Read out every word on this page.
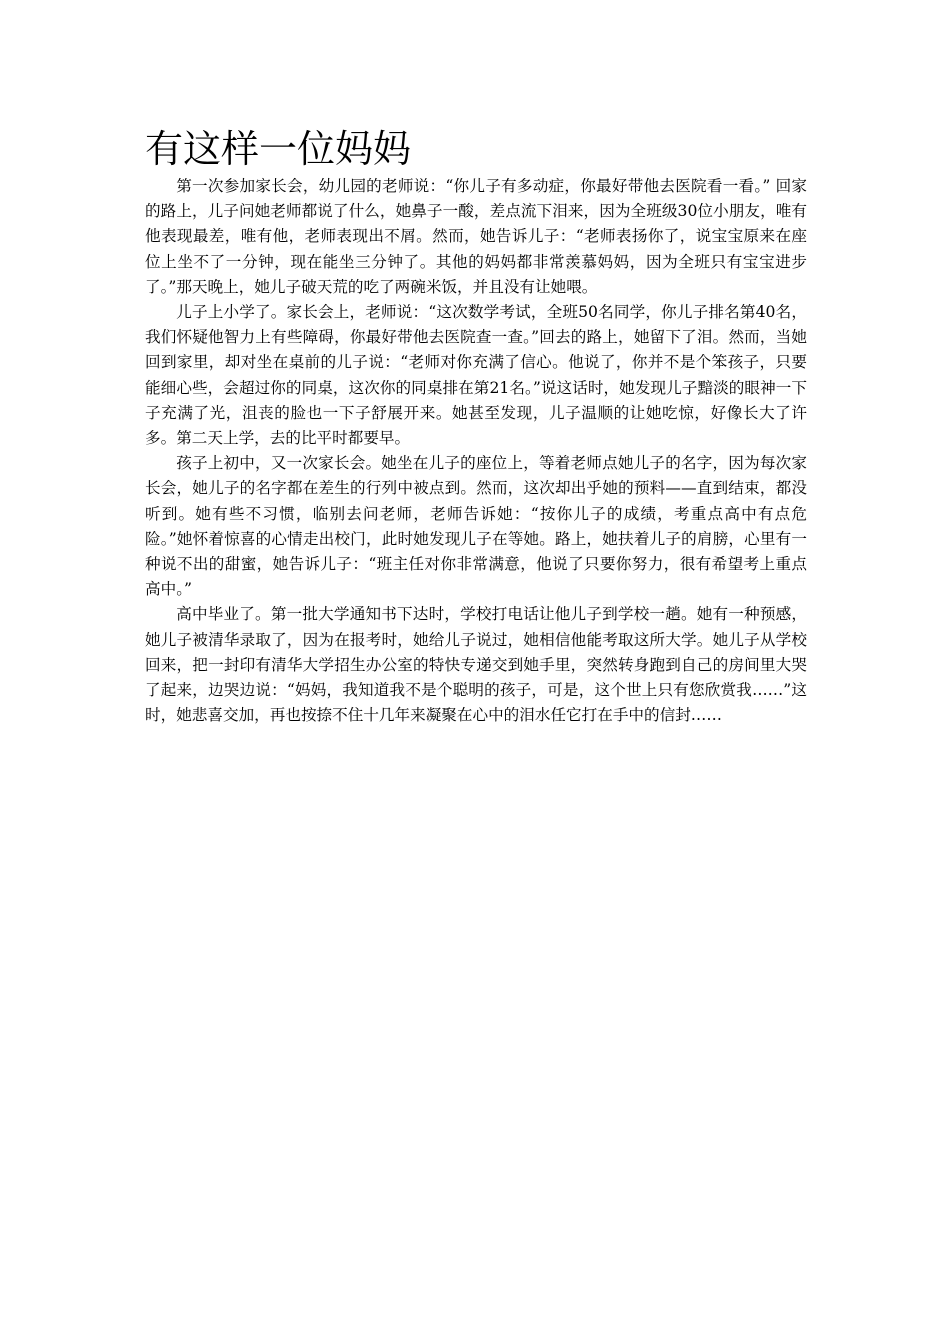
有这样一位妈妈

第一次参加家长会，幼儿园的老师说：“你儿子有多动症，你最好带他去医院看一看。” 回家的路上，儿子问她老师都说了什么，她鼻子一酸，差点流下泪来，因为全班级30位小朋友，唯有他表现最差，唯有他，老师表现出不屑。然而，她告诉儿子：“老师表扬你了，说宝宝原来在座位上坐不了一分钟，现在能坐三分钟了。其他的妈妈都非常羡慕妈妈，因为全班只有宝宝进步了。”那天晚上，她儿子破天荒的吃了两碗米饭，并且没有让她喂。

儿子上小学了。家长会上，老师说：“这次数学考试，全班50名同学，你儿子排名第40名，我们怀疑他智力上有些障碍，你最好带他去医院查一查。”回去的路上，她留下了泪。然而，当她回到家里，却对坐在桌前的儿子说：“老师对你充满了信心。他说了，你并不是个笨孩子，只要能细心些，会超过你的同桌，这次你的同桌排在第21名。”说这话时，她发现儿子黯淡的眼神一下子充满了光，沮丧的脸也一下子舒展开来。她甚至发现，儿子温顺的让她吃惊，好像长大了许多。第二天上学，去的比平时都要早。

孩子上初中，又一次家长会。她坐在儿子的座位上，等着老师点她儿子的名字，因为每次家长会，她儿子的名字都在差生的行列中被点到。然而，这次却出乎她的预料——直到结束，都没听到。她有些不习惯，临别去问老师，老师告诉她：“按你儿子的成绩，考重点高中有点危险。”她怀着惊喜的心情走出校门，此时她发现儿子在等她。路上，她扶着儿子的肩膀，心里有一种说不出的甜蜜，她告诉儿子：“班主任对你非常满意，他说了只要你努力，很有希望考上重点高中。”

高中毕业了。第一批大学通知书下达时，学校打电话让他儿子到学校一趟。她有一种预感，她儿子被清华录取了，因为在报考时，她给儿子说过，她相信他能考取这所大学。她儿子从学校回来，把一封印有清华大学招生办公室的特快专递交到她手里，突然转身跑到自己的房间里大哭了起来，边哭边说：“妈妈，我知道我不是个聪明的孩子，可是，这个世上只有您欣赏我……”这时，她悲喜交加，再也按捺不住十几年来凝聚在心中的泪水任它打在手中的信封……
